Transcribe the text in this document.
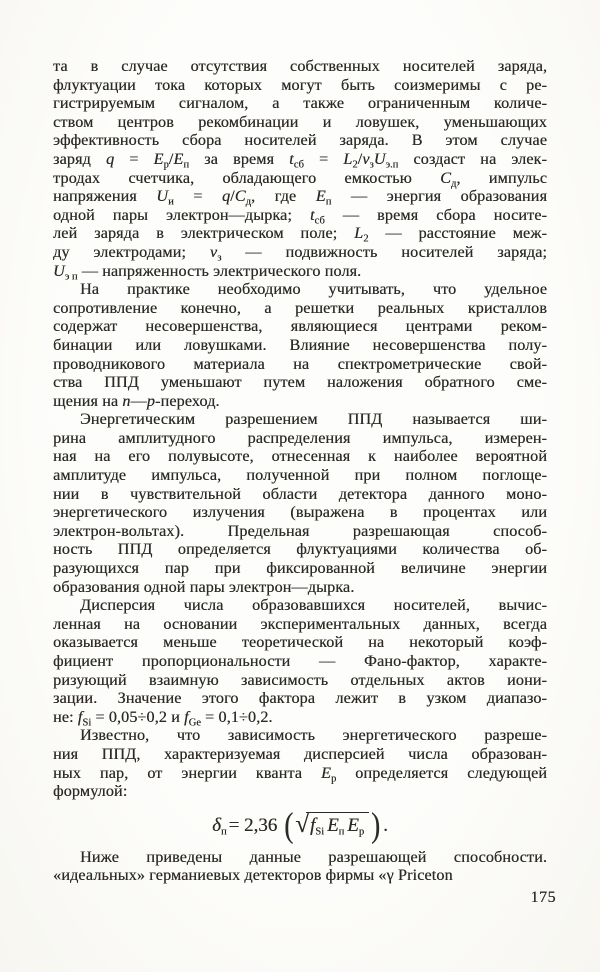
та в случае отсутствия собственных носителей заряда,
флуктуации тока которых могут быть соизмеримы с ре-
гистрируемым сигналом, а также ограниченным количе-
ством центров рекомбинации и ловушек, уменьшающих
эффективность сбора носителей заряда. В этом случае
заряд $q = E_р/E_п$ за время $t_{сб} = L_2/v_зU_{э.п}$ создаст на элек-
тродах счетчика, обладающего емкостью $C_д$, импульс
напряжения $U_и = q/C_д$, где $E_п$ — энергия образования
одной пары электрон—дырка; $t_{сб}$ — время сбора носите-
лей заряда в электрическом поле; $L_2$ — расстояние меж-
ду электродами; $v_з$ — подвижность носителей заряда;
$U_{э п}$ — напряженность электрического поля.
На практике необходимо учитывать, что удельное
сопротивление конечно, а решетки реальных кристаллов
содержат несовершенства, являющиеся центрами реком-
бинации или ловушками. Влияние несовершенства полу-
проводникового материала на спектрометрические свой-
ства ППД уменьшают путем наложения обратного сме-
щения на n—p-переход.
Энергетическим разрешением ППД называется ши-
рина амплитудного распределения импульса, измерен-
ная на его полувысоте, отнесенная к наиболее вероятной
амплитуде импульса, полученной при полном поглоще-
нии в чувствительной области детектора данного моно-
энергетического излучения (выражена в процентах или
электрон-вольтах). Предельная разрешающая способ-
ность ППД определяется флуктуациями количества об-
разующихся пар при фиксированной величине энергии
образования одной пары электрон—дырка.
Дисперсия числа образовавшихся носителей, вычис-
ленная на основании экспериментальных данных, всегда
оказывается меньше теоретической на некоторый коэф-
фициент пропорциональности — Фано-фактор, характе-
ризующий взаимную зависимость отдельных актов иони-
зации. Значение этого фактора лежит в узком диапазо-
не: $f_{Si} = 0,05\div 0,2$ и $f_{Ge} = 0,1\div 0,2$.
Известно, что зависимость энергетического разреше-
ния ППД, характеризуемая дисперсией числа образован-
ных пар, от энергии кванта $E_р$ определяется следующей
формулой:
$\delta_п = 2,36$ ($√f_{Si}$ $E_п$ $E_р$ ) .
Ниже приведены данные разрешающей способности.
«идеальных» германиевых детекторов фирмы «γ Priceton
175
